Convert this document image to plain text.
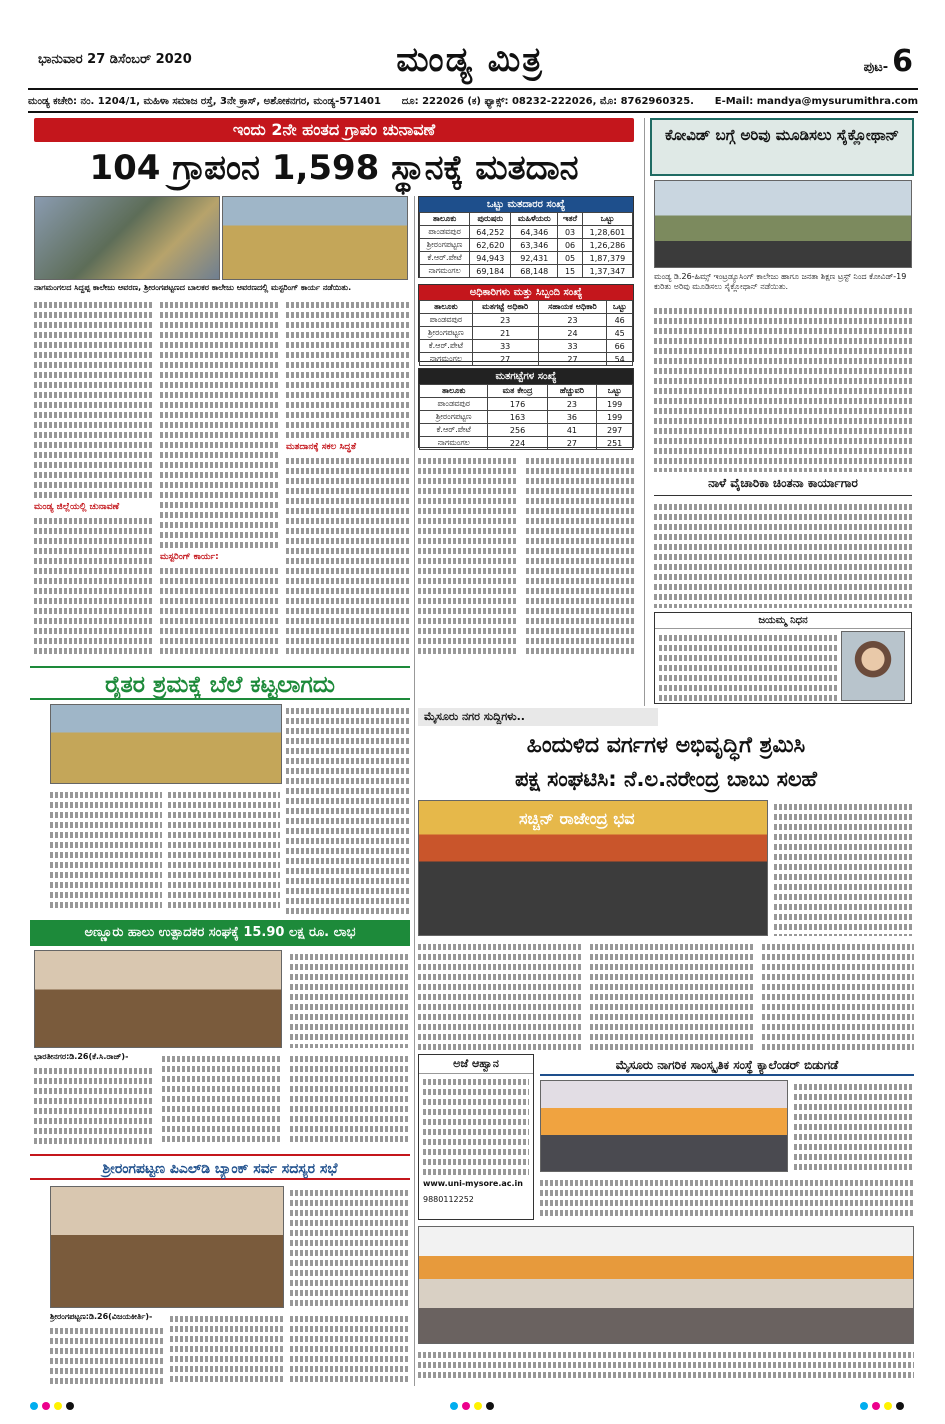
ಭಾನುವಾರ 27 ಡಿಸೆಂಬರ್ 2020	ಮಂಡ್ಯ ಮಿತ್ರ	ಪುಟ- 6
ಮಂಡ್ಯ ಕಚೇರಿ: ನಂ. 1204/1, ಮಹಿಳಾ ಸಮಾಜ ರಸ್ತೆ, 3ನೇ ಕ್ರಾಸ್, ಅಶೋಕನಗರ, ಮಂಡ್ಯ-571401 ದೂ: 222026 (ಕ) ಫ್ಯಾಕ್ಸ್: 08232-222026, ಮೊ: 8762960325. E-Mail: mandya@mysurumithra.com
ಇಂದು 2ನೇ ಹಂತದ ಗ್ರಾಪಂ ಚುನಾವಣೆ
104 ಗ್ರಾಪಂನ 1,598 ಸ್ಥಾನಕ್ಕೆ ಮತದಾನ
ನಾಗಮಂಗಲದ ಸಿದ್ದಪ್ಪ ಕಾಲೇಜು ಆವರಣ, ಶ್ರೀರಂಗಪಟ್ಟಣದ ಬಾಲಕರ ಕಾಲೇಜು ಆವರಣದಲ್ಲಿ ಮಸ್ಟರಿಂಗ್ ಕಾರ್ಯ ನಡೆಯಿತು.
ಮಂಡ್ಯ ಜಿಲ್ಲೆಯಲ್ಲಿ ಚುನಾವಣೆ
ಮಸ್ಟರಿಂಗ್ ಕಾರ್ಯ:
ಮತದಾನಕ್ಕೆ ಸಕಲ ಸಿದ್ಧತೆ
ಒಟ್ಟು ಮತದಾರರ ಸಂಖ್ಯೆ
ತಾಲೂಕು	ಪುರುಷರು	ಮಹಿಳೆಯರು	ಇತರೆ	ಒಟ್ಟು
ಪಾಂಡವಪುರ	64,252	64,346	03	1,28,601
ಶ್ರೀರಂಗಪಟ್ಟಣ	62,620	63,346	06	1,26,286
ಕೆ.ಆರ್.ಪೇಟೆ	94,943	92,431	05	1,87,379
ನಾಗಮಂಗಲ	69,184	68,148	15	1,37,347
ಅಧಿಕಾರಿಗಳು ಮತ್ತು ಸಿಬ್ಬಂದಿ ಸಂಖ್ಯೆ
ತಾಲೂಕು	ಮತಗಟ್ಟೆ ಅಧಿಕಾರಿ	ಸಹಾಯಕ ಅಧಿಕಾರಿ	ಒಟ್ಟು
ಪಾಂಡವಪುರ	23	23	46
ಶ್ರೀರಂಗಪಟ್ಟಣ	21	24	45
ಕೆ.ಆರ್.ಪೇಟೆ	33	33	66
ನಾಗಮಂಗಲ	27	27	54
ಮತಗಟ್ಟೆಗಳ ಸಂಖ್ಯೆ
ತಾಲೂಕು	ಮತ ಕೇಂದ್ರ	ಹೆಚ್ಚುವರಿ	ಒಟ್ಟು
ಪಾಂಡವಪುರ	176	23	199
ಶ್ರೀರಂಗಪಟ್ಟಣ	163	36	199
ಕೆ.ಆರ್.ಪೇಟೆ	256	41	297
ನಾಗಮಂಗಲ	224	27	251
ಕೋವಿಡ್ ಬಗ್ಗೆ ಅರಿವು ಮೂಡಿಸಲು ಸೈಕ್ಲೋಥಾನ್
ಮಂಡ್ಯ ಡಿ.26-ಹಿಮ್ಸ್ ಇಂಟ್ರಡ್ಯೂಸಿಂಗ್ ಕಾಲೇಜು ಹಾಗೂ ಜನತಾ ಶಿಕ್ಷಣ ಟ್ರಸ್ಟ್ ನಿಂದ ಕೋವಿಡ್-19 ಕುರಿತು ಅರಿವು ಮೂಡಿಸಲು ಸೈಕ್ಲೋಥಾನ್ ನಡೆಯಿತು.
ನಾಳೆ ವೈಚಾರಿಕಾ ಚಿಂತನಾ ಕಾರ್ಯಾಗಾರ
ಜಯಮ್ಮ ನಿಧನ
ರೈತರ ಶ್ರಮಕ್ಕೆ ಬೆಲೆ ಕಟ್ಟಲಾಗದು
ಮೈಸೂರು ನಗರ ಸುದ್ದಿಗಳು..
ಹಿಂದುಳಿದ ವರ್ಗಗಳ ಅಭಿವೃದ್ಧಿಗೆ ಶ್ರಮಿಸಿ
ಪಕ್ಷ ಸಂಘಟಿಸಿ: ನೆ.ಲ.ನರೇಂದ್ರ ಬಾಬು ಸಲಹೆ
ಸಚ್ಚಿನ್ ರಾಜೇಂದ್ರ ಭವ
ಅಣ್ಣೂರು ಹಾಲು ಉತ್ಪಾದಕರ ಸಂಘಕ್ಕೆ 15.90 ಲಕ್ಷ ರೂ. ಲಾಭ
ಭಾರತೀನಗರ:ಡಿ.26(ಕೆ.ಸಿ.ರಾಜ್)-
ಅಜೆ ಆಹ್ವಾನ
www.uni-mysore.ac.in
9880112252
ಮೈಸೂರು ನಾಗರಿಕ ಸಾಂಸ್ಕೃತಿಕ ಸಂಸ್ಥೆ ಕ್ಯಾಲೆಂಡರ್ ಬಿಡುಗಡೆ
ಶ್ರೀರಂಗಪಟ್ಟಣ ಪಿಎಲ್‍ಡಿ ಬ್ಯಾಂಕ್ ಸರ್ವ ಸದಸ್ಯರ ಸಭೆ
ಶ್ರೀರಂಗಪಟ್ಟಣ:ಡಿ.26(ವಿಜಯಕೀರ್ತಿ)-
